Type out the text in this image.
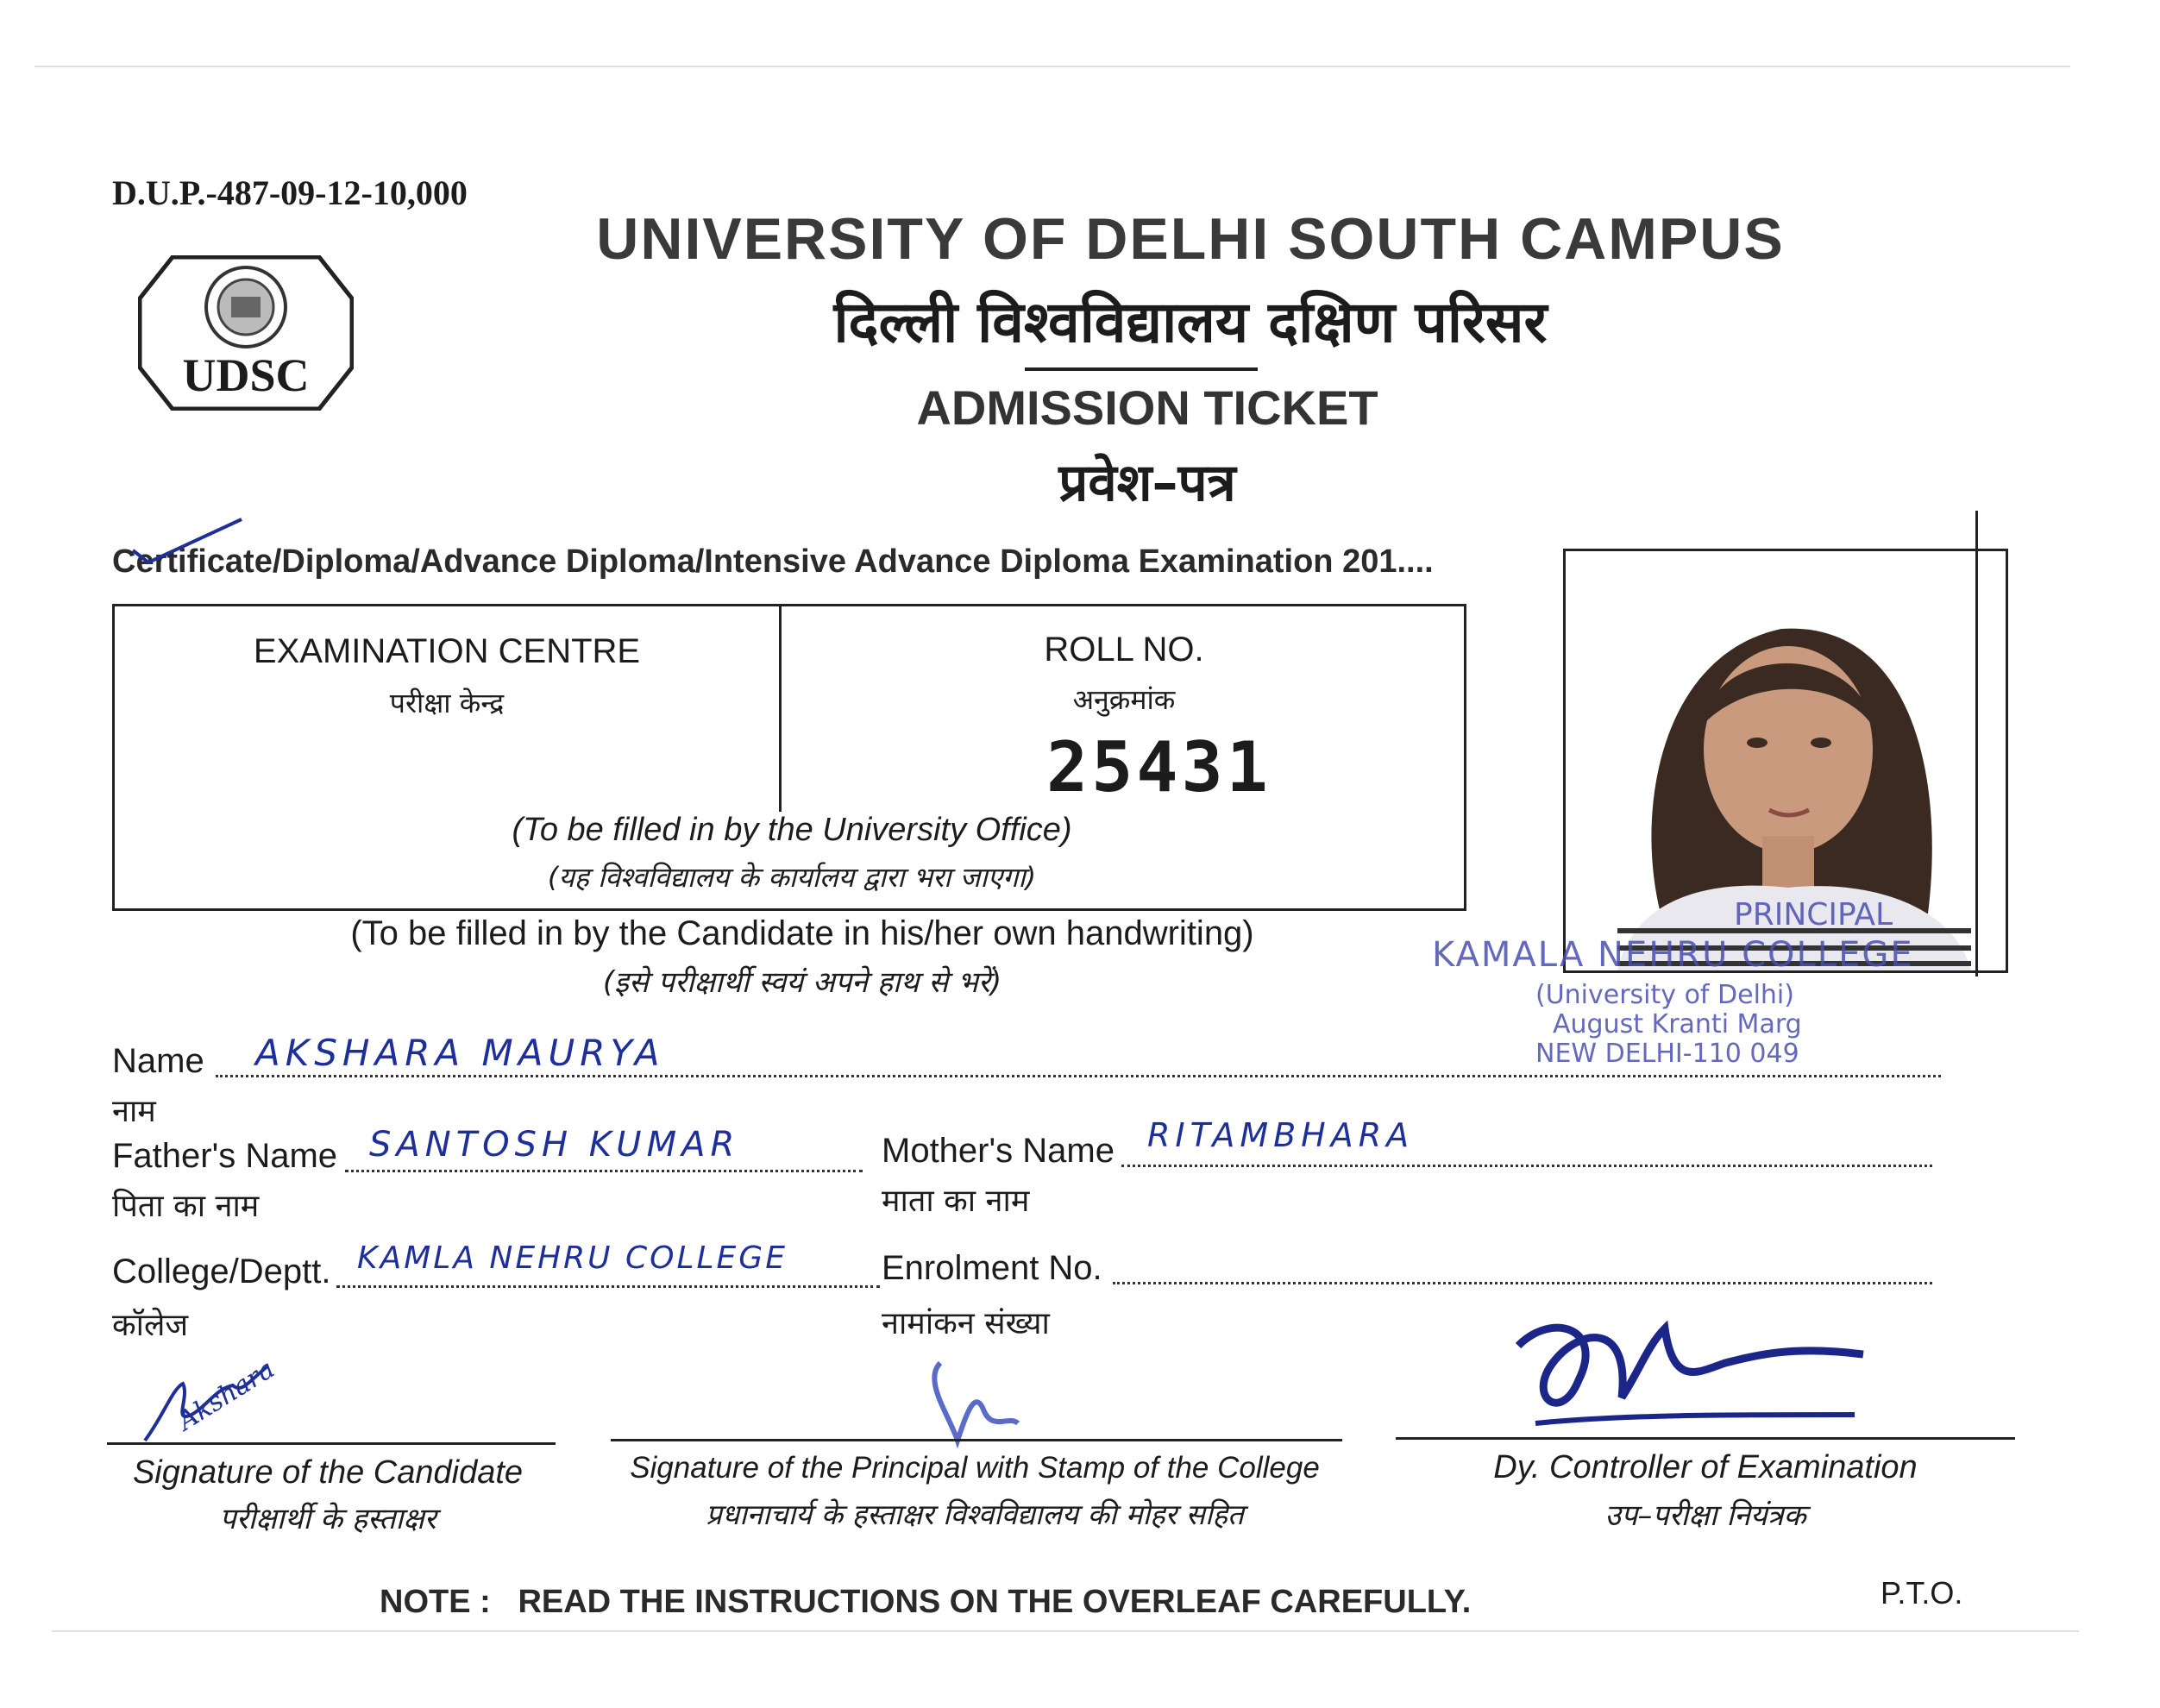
D.U.P.-487-09-12-10,000
UDSC
UNIVERSITY OF DELHI SOUTH CAMPUS
दिल्ली विश्वविद्यालय दक्षिण परिसर
ADMISSION TICKET
प्रवेश–पत्र
Certificate/Diploma/Advance Diploma/Intensive Advance Diploma Examination 201....
EXAMINATION CENTRE
परीक्षा केन्द्र
ROLL NO.
अनुक्रमांक
25431
(To be filled in by the University Office)
(यह विश्वविद्यालय के कार्यालय द्वारा भरा जाएगा)
(To be filled in by the Candidate in his/her own handwriting)
(इसे परीक्षार्थी स्वयं अपने हाथ से भरें)
PRINCIPAL
KAMALA NEHRU COLLEGE
(University of Delhi)
August Kranti Marg
NEW DELHI-110 049
Name AKSHARA MAURYA
नाम
Father's Name SANTOSH KUMAR
पिता का नाम
Mother's Name RITAMBHARA
माता का नाम
College/Deptt. KAMLA NEHRU COLLEGE
कॉलेज
Enrolment No.
नामांकन संख्या
Akshara
Signature of the Candidate
परीक्षार्थी के हस्ताक्षर
Signature of the Principal with Stamp of the College
प्रधानाचार्य के हस्ताक्षर विश्वविद्यालय की मोहर सहित
Dy. Controller of Examination
उप–परीक्षा नियंत्रक
NOTE :   READ THE INSTRUCTIONS ON THE OVERLEAF CAREFULLY.	P.T.O.
